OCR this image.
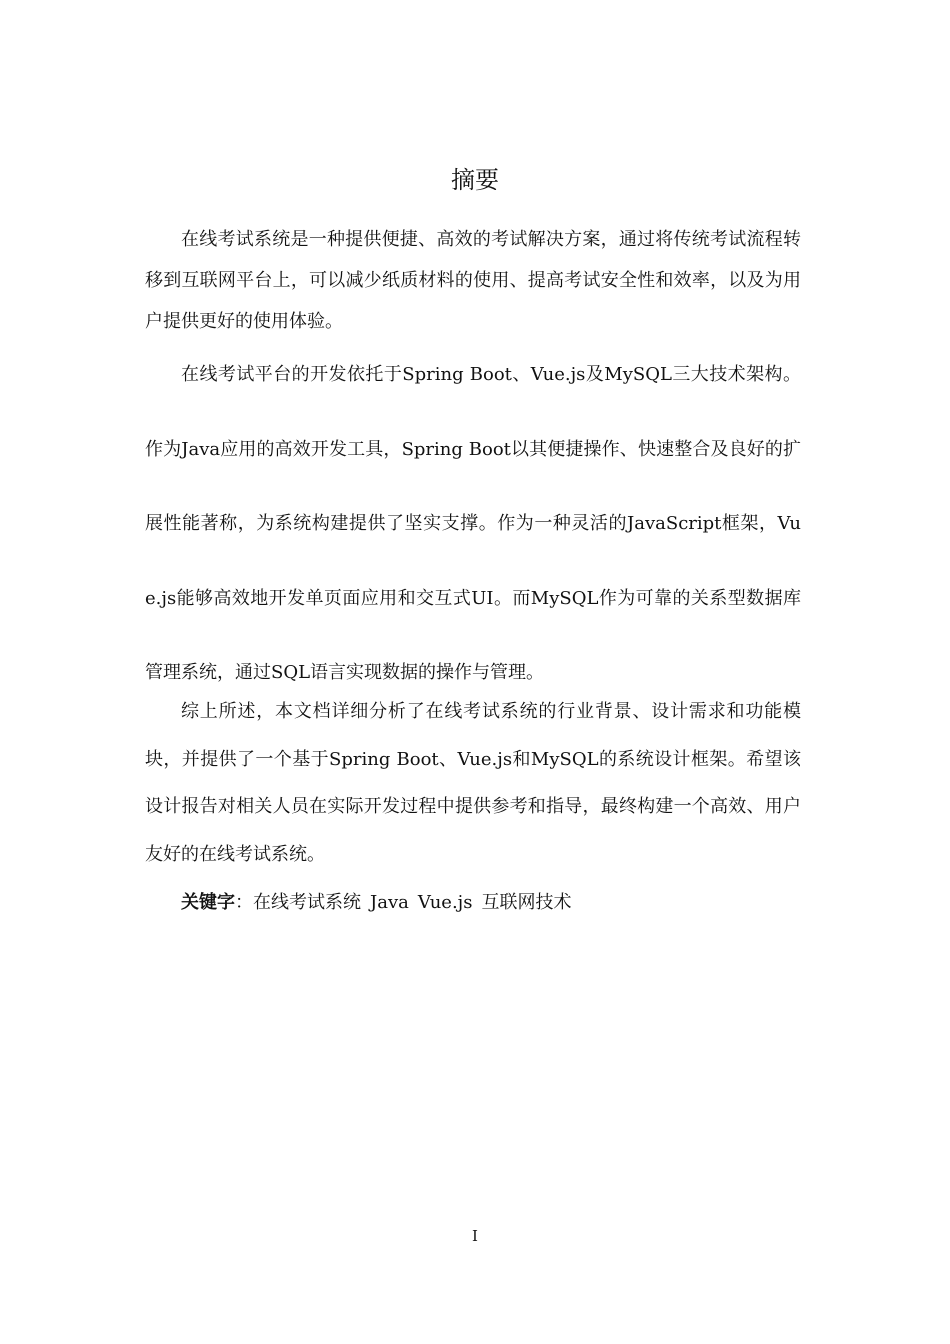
摘要

在线考试系统是一种提供便捷、高效的考试解决方案，通过将传统考试流程转移到互联网平台上，可以减少纸质材料的使用、提高考试安全性和效率，以及为用户提供更好的使用体验。

在线考试平台的开发依托于Spring Boot、Vue.js及MySQL三大技术架构。作为Java应用的高效开发工具，Spring Boot以其便捷操作、快速整合及良好的扩展性能著称，为系统构建提供了坚实支撑。作为一种灵活的JavaScript框架，Vue.js能够高效地开发单页面应用和交互式UI。而MySQL作为可靠的关系型数据库管理系统，通过SQL语言实现数据的操作与管理。

综上所述，本文档详细分析了在线考试系统的行业背景、设计需求和功能模块，并提供了一个基于Spring Boot、Vue.js和MySQL的系统设计框架。希望该设计报告对相关人员在实际开发过程中提供参考和指导，最终构建一个高效、用户友好的在线考试系统。

关键字：在线考试系统 Java Vue.js 互联网技术
I
